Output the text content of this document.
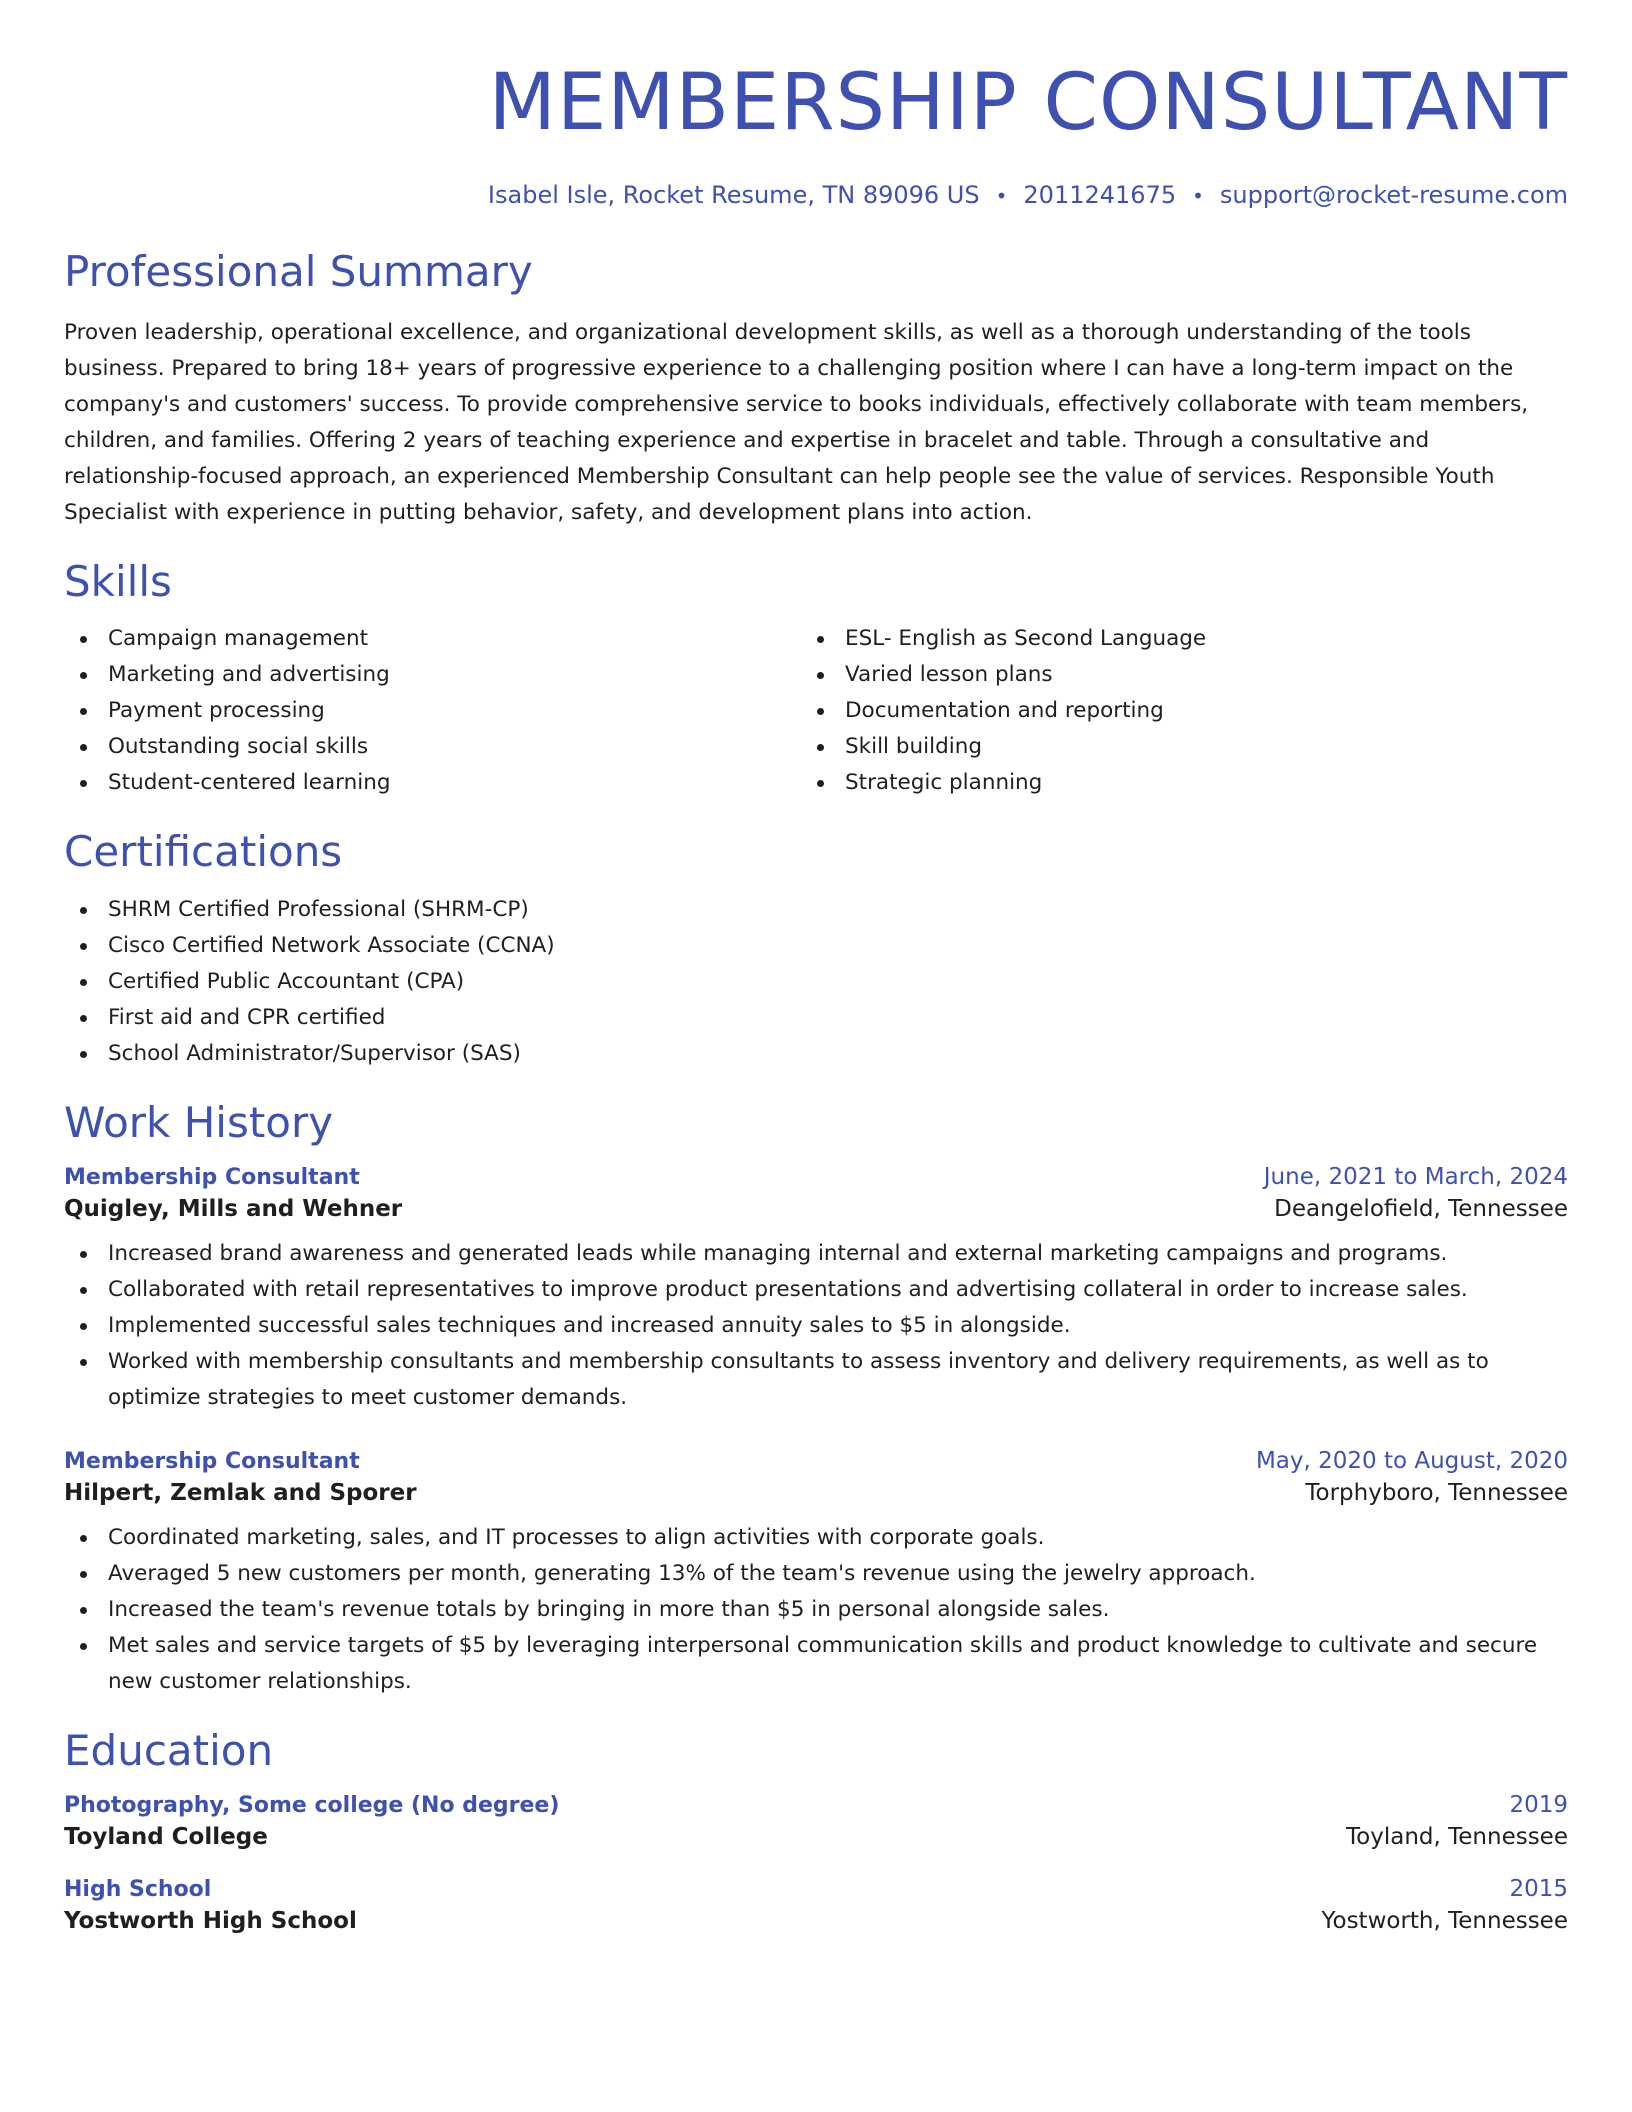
MEMBERSHIP CONSULTANT
Isabel Isle, Rocket Resume, TN 89096 US • 2011241675 • support@rocket-resume.com
Professional Summary
Proven leadership, operational excellence, and organizational development skills, as well as a thorough understanding of the tools business. Prepared to bring 18+ years of progressive experience to a challenging position where I can have a long-term impact on the company's and customers' success. To provide comprehensive service to books individuals, effectively collaborate with team members, children, and families. Offering 2 years of teaching experience and expertise in bracelet and table. Through a consultative and relationship-focused approach, an experienced Membership Consultant can help people see the value of services. Responsible Youth Specialist with experience in putting behavior, safety, and development plans into action.
Skills
Campaign management
Marketing and advertising
Payment processing
Outstanding social skills
Student-centered learning
ESL- English as Second Language
Varied lesson plans
Documentation and reporting
Skill building
Strategic planning
Certifications
SHRM Certified Professional (SHRM-CP)
Cisco Certified Network Associate (CCNA)
Certified Public Accountant (CPA)
First aid and CPR certified
School Administrator/Supervisor (SAS)
Work History
Membership Consultant	June, 2021 to March, 2024
Quigley, Mills and Wehner	Deangelofield, Tennessee
Increased brand awareness and generated leads while managing internal and external marketing campaigns and programs.
Collaborated with retail representatives to improve product presentations and advertising collateral in order to increase sales.
Implemented successful sales techniques and increased annuity sales to $5 in alongside.
Worked with membership consultants and membership consultants to assess inventory and delivery requirements, as well as to optimize strategies to meet customer demands.
Membership Consultant	May, 2020 to August, 2020
Hilpert, Zemlak and Sporer	Torphyboro, Tennessee
Coordinated marketing, sales, and IT processes to align activities with corporate goals.
Averaged 5 new customers per month, generating 13% of the team's revenue using the jewelry approach.
Increased the team's revenue totals by bringing in more than $5 in personal alongside sales.
Met sales and service targets of $5 by leveraging interpersonal communication skills and product knowledge to cultivate and secure new customer relationships.
Education
Photography, Some college (No degree)	2019
Toyland College	Toyland, Tennessee
High School	2015
Yostworth High School	Yostworth, Tennessee
